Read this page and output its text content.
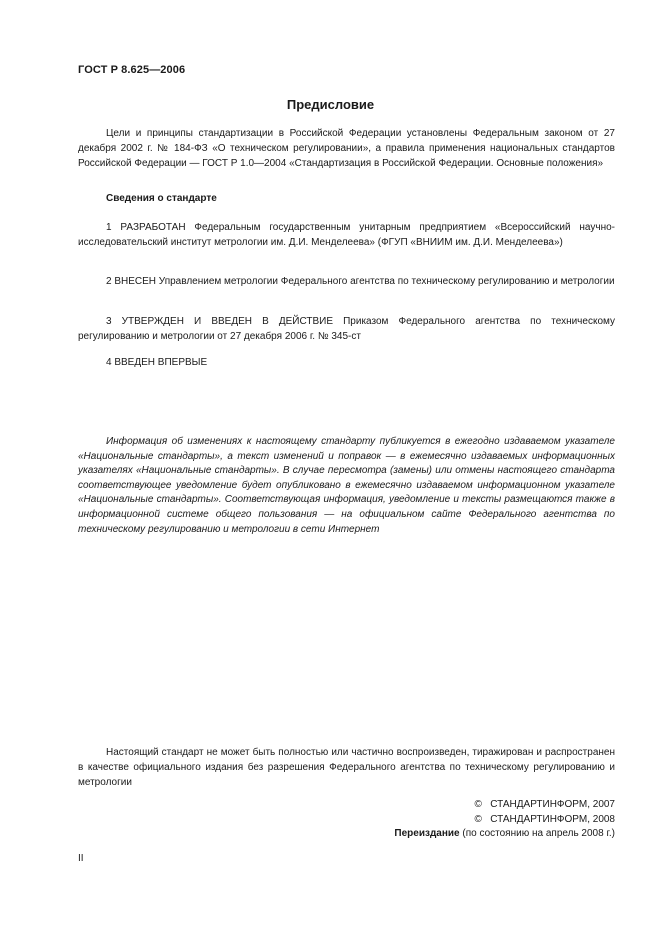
ГОСТ Р 8.625—2006
Предисловие
Цели и принципы стандартизации в Российской Федерации установлены Федеральным законом от 27 декабря 2002 г. № 184-ФЗ «О техническом регулировании», а правила применения национальных стандартов Российской Федерации — ГОСТ Р 1.0—2004 «Стандартизация в Российской Федерации. Основные положения»
Сведения о стандарте
1 РАЗРАБОТАН Федеральным государственным унитарным предприятием «Всероссийский научно-исследовательский институт метрологии им. Д.И. Менделеева» (ФГУП «ВНИИМ им. Д.И. Менделеева»)
2 ВНЕСЕН Управлением метрологии Федерального агентства по техническому регулированию и метрологии
3 УТВЕРЖДЕН И ВВЕДЕН В ДЕЙСТВИЕ Приказом Федерального агентства по техническому регулированию и метрологии от 27 декабря 2006 г. № 345-ст
4 ВВЕДЕН ВПЕРВЫЕ
Информация об изменениях к настоящему стандарту публикуется в ежегодно издаваемом указателе «Национальные стандарты», а текст изменений и поправок — в ежемесячно издаваемых информационных указателях «Национальные стандарты». В случае пересмотра (замены) или отмены настоящего стандарта соответствующее уведомление будет опубликовано в ежемесячно издаваемом информационном указателе «Национальные стандарты». Соответствующая информация, уведомление и тексты размещаются также в информационной системе общего пользования — на официальном сайте Федерального агентства по техническому регулированию и метрологии в сети Интернет
Настоящий стандарт не может быть полностью или частично воспроизведен, тиражирован и распространен в качестве официального издания без разрешения Федерального агентства по техническому регулированию и метрологии
© СТАНДАРТИНФОРМ, 2007
© СТАНДАРТИНФОРМ, 2008
Переиздание (по состоянию на апрель 2008 г.)
II
